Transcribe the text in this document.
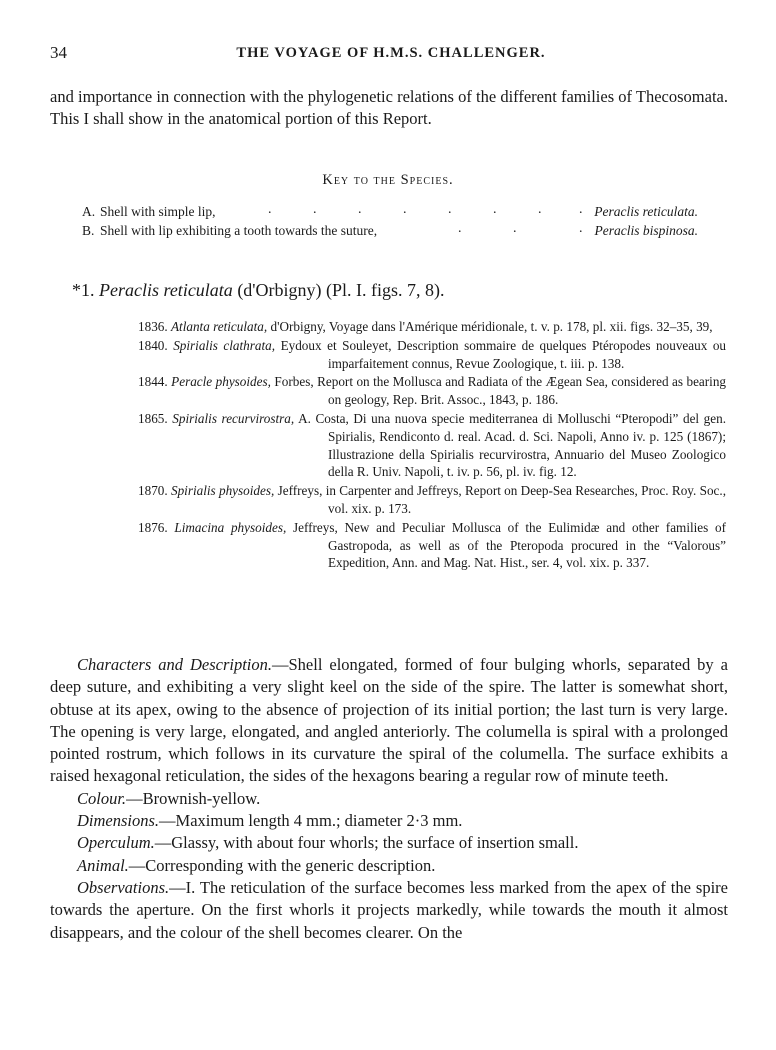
34	THE VOYAGE OF H.M.S. CHALLENGER.

and importance in connection with the phylogenetic relations of the different families of Thecosomata. This I shall show in the anatomical portion of this Report.

Key to the Species.
A. Shell with simple lip,	.	.	.	.	.	.	.	. Peraclis reticulata.
B. Shell with lip exhibiting a tooth towards the suture,	.	.	. Peraclis bispinosa.
*1. Peraclis reticulata (d'Orbigny) (Pl. I. figs. 7, 8).

1836. Atlanta reticulata, d'Orbigny, Voyage dans l'Amérique méridionale, t. v. p. 178, pl. xii. figs. 32–35, 39,

1840. Spirialis clathrata, Eydoux et Souleyet, Description sommaire de quelques Ptéropodes nouveaux ou imparfaitement connus, Revue Zoologique, t. iii. p. 138.

1844. Peracle physoides, Forbes, Report on the Mollusca and Radiata of the Ægean Sea, considered as bearing on geology, Rep. Brit. Assoc., 1843, p. 186.

1865. Spirialis recurvirostra, A. Costa, Di una nuova specie mediterranea di Molluschi “Pteropodi” del gen. Spirialis, Rendiconto d. real. Acad. d. Sci. Napoli, Anno iv. p. 125 (1867); Illustrazione della Spirialis recurvirostra, Annuario del Museo Zoologico della R. Univ. Napoli, t. iv. p. 56, pl. iv. fig. 12.

1870. Spirialis physoides, Jeffreys, in Carpenter and Jeffreys, Report on Deep-Sea Researches, Proc. Roy. Soc., vol. xix. p. 173.

1876. Limacina physoides, Jeffreys, New and Peculiar Mollusca of the Eulimidæ and other families of Gastropoda, as well as of the Pteropoda procured in the “Valorous” Expedition, Ann. and Mag. Nat. Hist., ser. 4, vol. xix. p. 337.

Characters and Description.—Shell elongated, formed of four bulging whorls, separated by a deep suture, and exhibiting a very slight keel on the side of the spire. The latter is somewhat short, obtuse at its apex, owing to the absence of projection of its initial portion; the last turn is very large. The opening is very large, elongated, and angled anteriorly. The columella is spiral with a prolonged pointed rostrum, which follows in its curvature the spiral of the columella. The surface exhibits a raised hexagonal reticulation, the sides of the hexagons bearing a regular row of minute teeth.

Colour.—Brownish-yellow.

Dimensions.—Maximum length 4 mm.; diameter 2·3 mm.

Operculum.—Glassy, with about four whorls; the surface of insertion small.

Animal.—Corresponding with the generic description.

Observations.—I. The reticulation of the surface becomes less marked from the apex of the spire towards the aperture. On the first whorls it projects markedly, while towards the mouth it almost disappears, and the colour of the shell becomes clearer. On the
